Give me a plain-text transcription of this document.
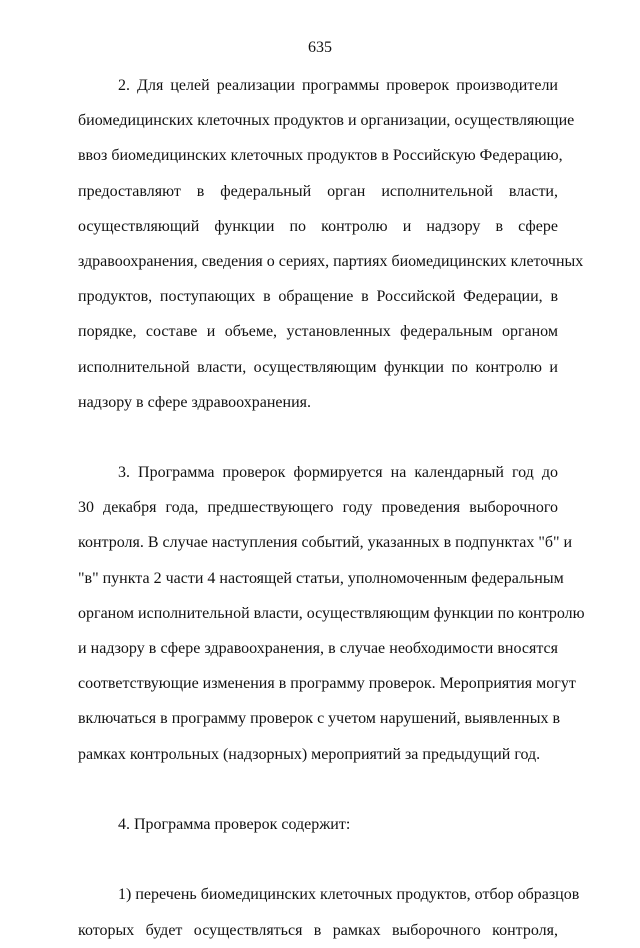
635
2. Для целей реализации программы проверок производители
биомедицинских клеточных продуктов и организации, осуществляющие
ввоз биомедицинских клеточных продуктов в Российскую Федерацию,
предоставляют в федеральный орган исполнительной власти,
осуществляющий функции по контролю и надзору в сфере
здравоохранения, сведения о сериях, партиях биомедицинских клеточных
продуктов, поступающих в обращение в Российской Федерации, в
порядке, составе и объеме, установленных федеральным органом
исполнительной власти, осуществляющим функции по контролю и
надзору в сфере здравоохранения.
3. Программа проверок формируется на календарный год до
30 декабря года, предшествующего году проведения выборочного
контроля. В случае наступления событий, указанных в подпунктах "б" и
"в" пункта 2 части 4 настоящей статьи, уполномоченным федеральным
органом исполнительной власти, осуществляющим функции по контролю
и надзору в сфере здравоохранения, в случае необходимости вносятся
соответствующие изменения в программу проверок. Мероприятия могут
включаться в программу проверок с учетом нарушений, выявленных в
рамках контрольных (надзорных) мероприятий за предыдущий год.
4. Программа проверок содержит:
1) перечень биомедицинских клеточных продуктов, отбор образцов
которых будет осуществляться в рамках выборочного контроля,
